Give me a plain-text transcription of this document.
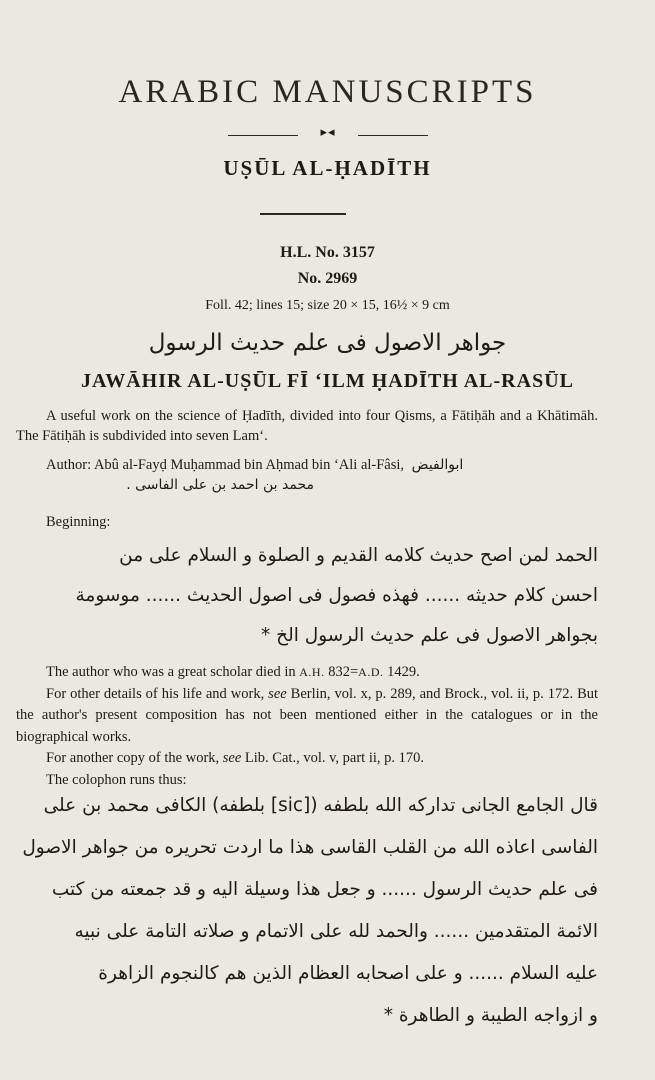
ARABIC MANUSCRIPTS
▸◂
UṢŪL AL-ḤADĪTH
H.L. No. 3157
No. 2969
Foll. 42; lines 15; size 20 × 15, 16½ × 9 cm
جواهر الاصول فى علم حديث الرسول
JAWĀHIR AL-UṢŪL FĪ ‘ILM ḤADĪTH AL-RASŪL

A useful work on the science of Ḥadīth, divided into four Qisms, a Fātiḥāh and a Khātimāh. The Fātiḥāh is subdivided into seven Lam‘.

Author: Abû al-Fayḍ Muḥammad bin Aḥmad bin ‘Ali al-Fâsi, ابوالفيض

محمد بن احمد بن على الفاسى .

Beginning:

الحمد لمن اصح حديث كلامه القديم و الصلوة و السلام على من
احسن كلام حديثه ...... فهذه فصول فى اصول الحديث ...... موسومة
بجواهر الاصول فى علم حديث الرسول الخ *
The author who was a great scholar died in A.H. 832=A.D. 1429.
For other details of his life and work, see Berlin, vol. x, p. 289, and Brock., vol. ii, p. 172. But the author's present composition has not been mentioned either in the catalogues or in the biographical works.
For another copy of the work, see Lib. Cat., vol. v, part ii, p. 170.
The colophon runs thus:
قال الجامع الجانى تداركه الله بلطفه ([sic] بلطفه) الكافى محمد بن على
الفاسى اعاذه الله من القلب القاسى هذا ما اردت تحريره من جواهر الاصول
فى علم حديث الرسول ...... و جعل هذا وسيلة اليه و قد جمعته من كتب
الائمة المتقدمين ...... والحمد لله على الاتمام و صلاته التامة على نبيه
عليه السلام ...... و على اصحابه العظام الذين هم كالنجوم الزاهرة
و ازواجه الطيبة و الطاهرة *
